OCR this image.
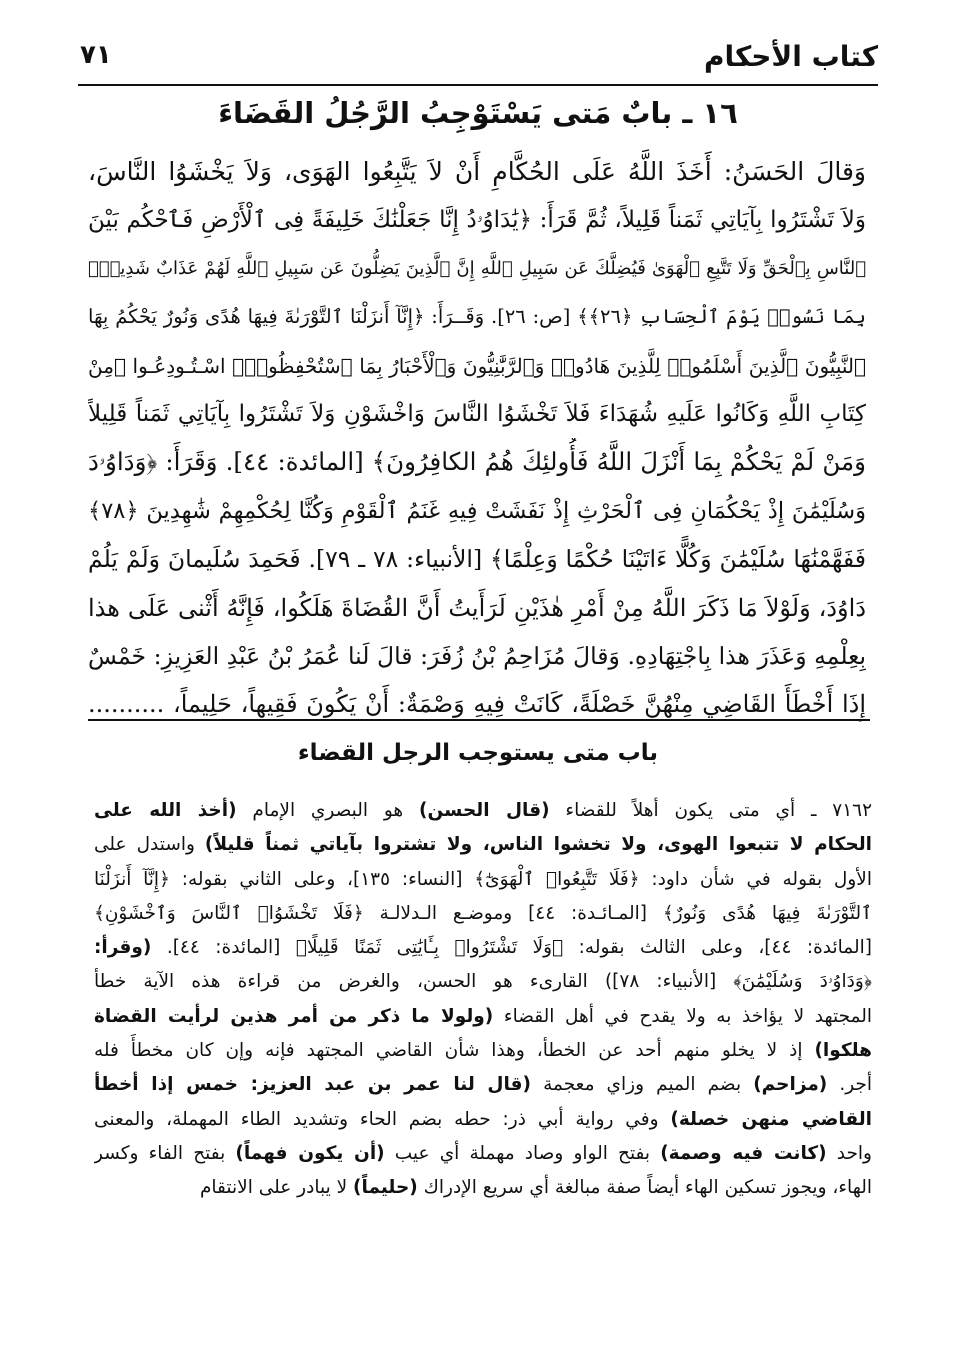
كتاب الأحكام
٧١
١٦ ـ بابٌ مَتى يَسْتَوْجِبُ الرَّجُلُ القَضَاءَ
وَقالَ الحَسَنُ: أَخَذَ اللَّهُ عَلَى الحُكَّامِ أَنْ لاَ يَتَّبِعُوا الهَوَى، وَلاَ يَخْشَوُا النَّاسَ،
وَلاَ تَشْتَرُوا بِآيَاتِي ثَمَناً قَلِيلاً، ثُمَّ قَرَأَ: ﴿يَٰدَاوُۥدُ إِنَّا جَعَلْنَٰكَ خَلِيفَةً فِى ٱلْأَرْضِ فَٱحْكُم بَيْنَ
ٱلنَّاسِ بِٱلْحَقِّ وَلَا تَتَّبِعِ ٱلْهَوَىٰ فَيُضِلَّكَ عَن سَبِيلِ ٱللَّهِ إِنَّ ٱلَّذِينَ يَضِلُّونَ عَن سَبِيلِ ٱللَّهِ لَهُمْ عَذَابٌ شَدِيدٌۢ
بِمَا نَسُوا۟ يَوْمَ ٱلْحِسَابِ ﴿٢٦﴾﴾ [ص: ٢٦]. وَقَــرَأَ: ﴿إِنَّآ أَنزَلْنَا ٱلتَّوْرَىٰةَ فِيهَا هُدًى وَنُورٌ يَحْكُمُ بِهَا
ٱلنَّبِيُّونَ ٱلَّذِينَ أَسْلَمُوا۟ لِلَّذِينَ هَادُوا۟ وَٱلرَّبَّٰنِيُّونَ وَٱلْأَحْبَارُ بِمَا ٱسْتُحْفِظُوا۟﴾ اسْـتُـودِعُـوا ﴿مِنْ
كِتَابِ اللَّهِ وَكَانُوا عَلَيهِ شُهَدَاءَ فَلاَ تَخْشَوُا النَّاسَ وَاخْشَوْنِ وَلاَ تَشْتَرُوا بِآيَاتِي ثَمَناً قَلِيلاً
وَمَنْ لَمْ يَحْكُمْ بِمَا أَنْزَلَ اللَّهُ فَأُولئِكَ هُمُ الكافِرُونَ﴾ [المائدة: ٤٤]. وَقَرَأَ: ﴿وَدَاوُۥدَ
وَسُلَيْمَٰنَ إِذْ يَحْكُمَانِ فِى ٱلْحَرْثِ إِذْ نَفَشَتْ فِيهِ غَنَمُ ٱلْقَوْمِ وَكُنَّا لِحُكْمِهِمْ شَٰهِدِينَ ﴿٧٨﴾
فَفَهَّمْنَٰهَا سُلَيْمَٰنَ وَكُلًّا ءَاتَيْنَا حُكْمًا وَعِلْمًا﴾ [الأنبياء: ٧٨ ـ ٧٩]. فَحَمِدَ سُلَيمانَ وَلَمْ يَلُمْ
دَاوُدَ، وَلَوْلاَ مَا ذَكَرَ اللَّهُ مِنْ أَمْرِ هٰذَيْنِ لَرَأَيتُ أَنَّ القُضَاةَ هَلَكُوا، فَإِنَّهُ أَثْنى عَلَى هذا
بِعِلْمِهِ وَعَذَرَ هذا بِاجْتِهَادِهِ. وَقالَ مُزَاحِمُ بْنُ زُفَرَ: قالَ لَنا عُمَرُ بْنُ عَبْدِ العَزِيزِ: خَمْسٌ
إِذَا أَخْطَأَ القَاضِي مِنْهُنَّ خَصْلَةً، كَانَتْ فِيهِ وَصْمَةٌ: أَنْ يَكُونَ فَقِيهاً، حَلِيماً، ..........
باب متى يستوجب الرجل القضاء
٧١٦٢ ـ أي متى يكون أهلاً للقضاء (قال الحسن) هو البصري الإمام (أخذ الله على
الحكام لا تتبعوا الهوى، ولا تخشوا الناس، ولا تشتروا بآياتي ثمناً قليلاً) واستدل على
الأول بقوله في شأن داود: ﴿فَلَا تَتَّبِعُوا۟ ٱلْهَوَىٰٓ﴾ [النساء: ١٣٥]، وعلى الثاني بقوله: ﴿إِنَّآ أَنزَلْنَا
ٱلتَّوْرَىٰةَ فِيهَا هُدًى وَنُورٌ﴾ [المـائـدة: ٤٤] وموضـع الـدلالـة ﴿فَلَا تَخْشَوُا۟ ٱلنَّاسَ وَٱخْشَوْنِ﴾
[المائدة: ٤٤]، وعلى الثالث بقوله: ﴿وَلَا تَشْتَرُوا۟ بِـَٔايَٰتِى ثَمَنًا قَلِيلًا﴾ [المائدة: ٤٤]. (وقرأ:
﴿وَدَاوُۥدَ وَسُلَيْمَٰنَ﴾ [الأنبياء: ٧٨]) القارىء هو الحسن، والغرض من قراءة هذه الآية خطأ
المجتهد لا يؤاخذ به ولا يقدح في أهل القضاء (ولولا ما ذكر من أمر هذين لرأيت القضاة
هلكوا) إذ لا يخلو منهم أحد عن الخطأ، وهذا شأن القاضي المجتهد فإنه وإن كان مخطأً فله
أجر. (مزاحم) بضم الميم وزاي معجمة (قال لنا عمر بن عبد العزيز: خمس إذا أخطأ
القاضي منهن خصلة) وفي رواية أبي ذر: حطه بضم الحاء وتشديد الطاء المهملة، والمعنى
واحد (كانت فيه وصمة) بفتح الواو وصاد مهملة أي عيب (أن يكون فهماً) بفتح الفاء وكسر
الهاء، ويجوز تسكين الهاء أيضاً صفة مبالغة أي سريع الإدراك (حليماً) لا يبادر على الانتقام
